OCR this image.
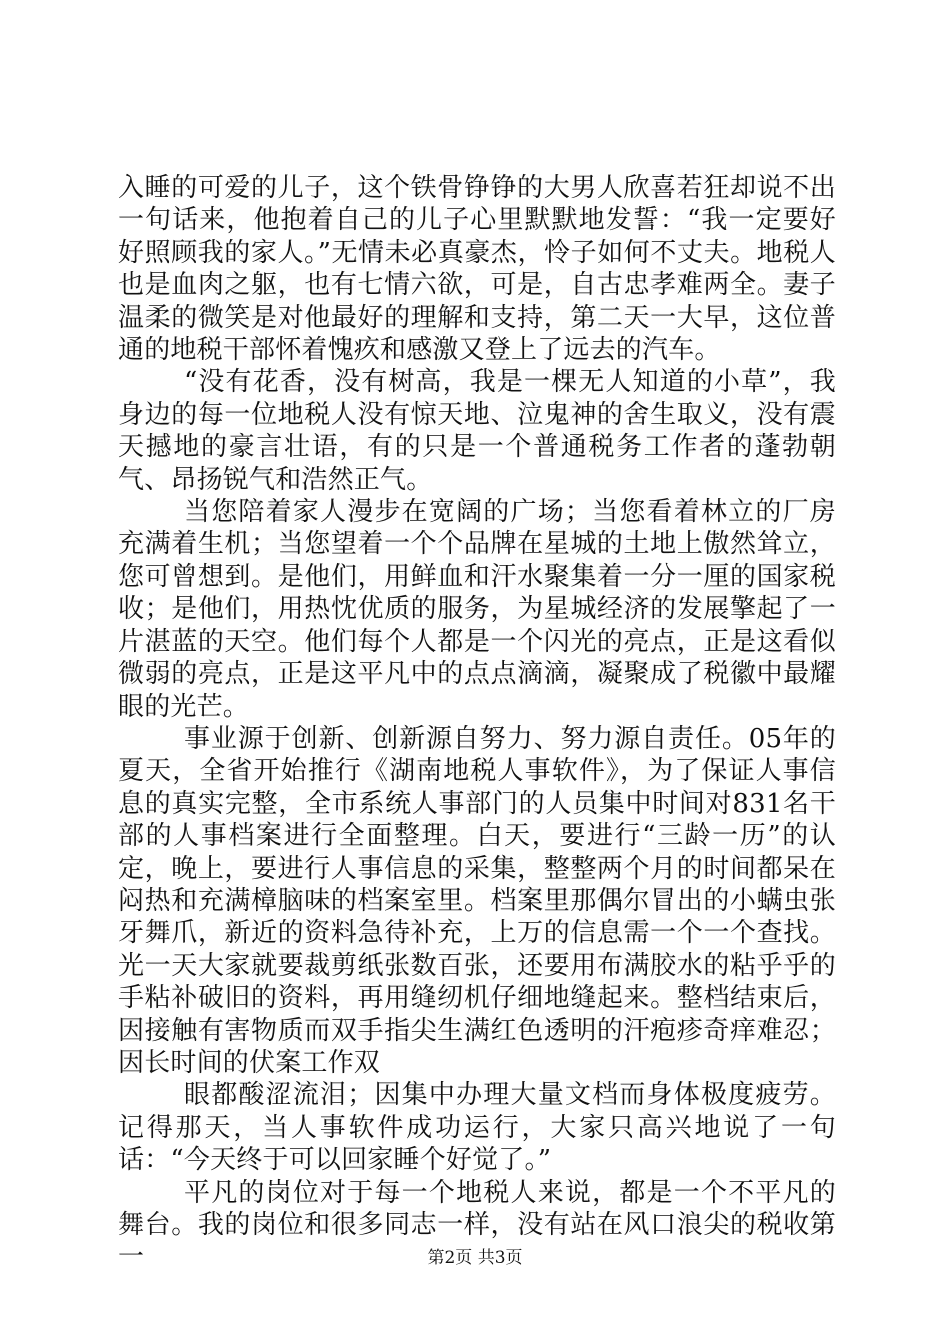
入睡的可爱的儿子，这个铁骨铮铮的大男人欣喜若狂却说不出一句话来，他抱着自己的儿子心里默默地发誓：“我一定要好好照顾我的家人。”无情未必真豪杰，怜子如何不丈夫。地税人也是血肉之躯，也有七情六欲，可是，自古忠孝难两全。妻子温柔的微笑是对他最好的理解和支持，第二天一大早，这位普通的地税干部怀着愧疚和感激又登上了远去的汽车。

“没有花香，没有树高，我是一棵无人知道的小草”，我身边的每一位地税人没有惊天地、泣鬼神的舍生取义，没有震天撼地的豪言壮语，有的只是一个普通税务工作者的蓬勃朝气、昂扬锐气和浩然正气。

当您陪着家人漫步在宽阔的广场；当您看着林立的厂房充满着生机；当您望着一个个品牌在星城的土地上傲然耸立，您可曾想到。是他们，用鲜血和汗水聚集着一分一厘的国家税收；是他们，用热忱优质的服务，为星城经济的发展擎起了一片湛蓝的天空。他们每个人都是一个闪光的亮点，正是这看似微弱的亮点，正是这平凡中的点点滴滴，凝聚成了税徽中最耀眼的光芒。

事业源于创新、创新源自努力、努力源自责任。05年的夏天，全省开始推行《湖南地税人事软件》，为了保证人事信息的真实完整，全市系统人事部门的人员集中时间对831名干部的人事档案进行全面整理。白天，要进行“三龄一历”的认定，晚上，要进行人事信息的采集，整整两个月的时间都呆在闷热和充满樟脑味的档案室里。档案里那偶尔冒出的小螨虫张牙舞爪，新近的资料急待补充，上万的信息需一个一个查找。光一天大家就要裁剪纸张数百张，还要用布满胶水的粘乎乎的手粘补破旧的资料，再用缝纫机仔细地缝起来。整档结束后，因接触有害物质而双手指尖生满红色透明的汗疱疹奇痒难忍；因长时间的伏案工作双

眼都酸涩流泪；因集中办理大量文档而身体极度疲劳。记得那天，当人事软件成功运行，大家只高兴地说了一句话：“今天终于可以回家睡个好觉了。”

平凡的岗位对于每一个地税人来说，都是一个不平凡的舞台。我的岗位和很多同志一样，没有站在风口浪尖的税收第一	第2页 共3页
